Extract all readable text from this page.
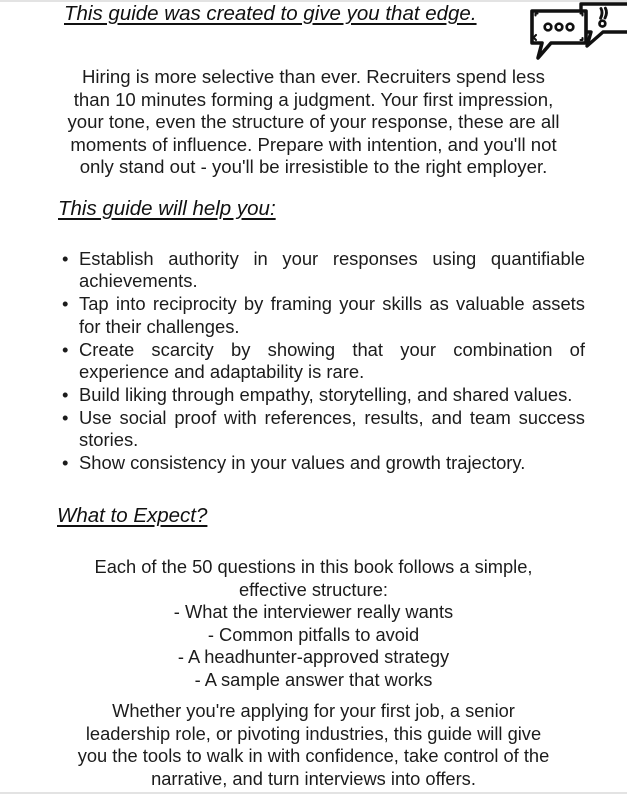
This guide was created to give you that edge.
Hiring is more selective than ever. Recruiters spend less
than 10 minutes forming a judgment. Your first impression,
your tone, even the structure of your response, these are all
moments of influence. Prepare with intention, and you'll not
only stand out - you'll be irresistible to the right employer.
This guide will help you:
• Establish authority in your responses using quantifiable achievements.
• Tap into reciprocity by framing your skills as valuable assets for their challenges.
• Create scarcity by showing that your combination of experience and adaptability is rare.
• Build liking through empathy, storytelling, and shared values.
• Use social proof with references, results, and team success stories.
• Show consistency in your values and growth trajectory.
What to Expect?
Each of the 50 questions in this book follows a simple,
effective structure:
- What the interviewer really wants
- Common pitfalls to avoid
- A headhunter-approved strategy
- A sample answer that works
Whether you're applying for your first job, a senior
leadership role, or pivoting industries, this guide will give
you the tools to walk in with confidence, take control of the
narrative, and turn interviews into offers.
